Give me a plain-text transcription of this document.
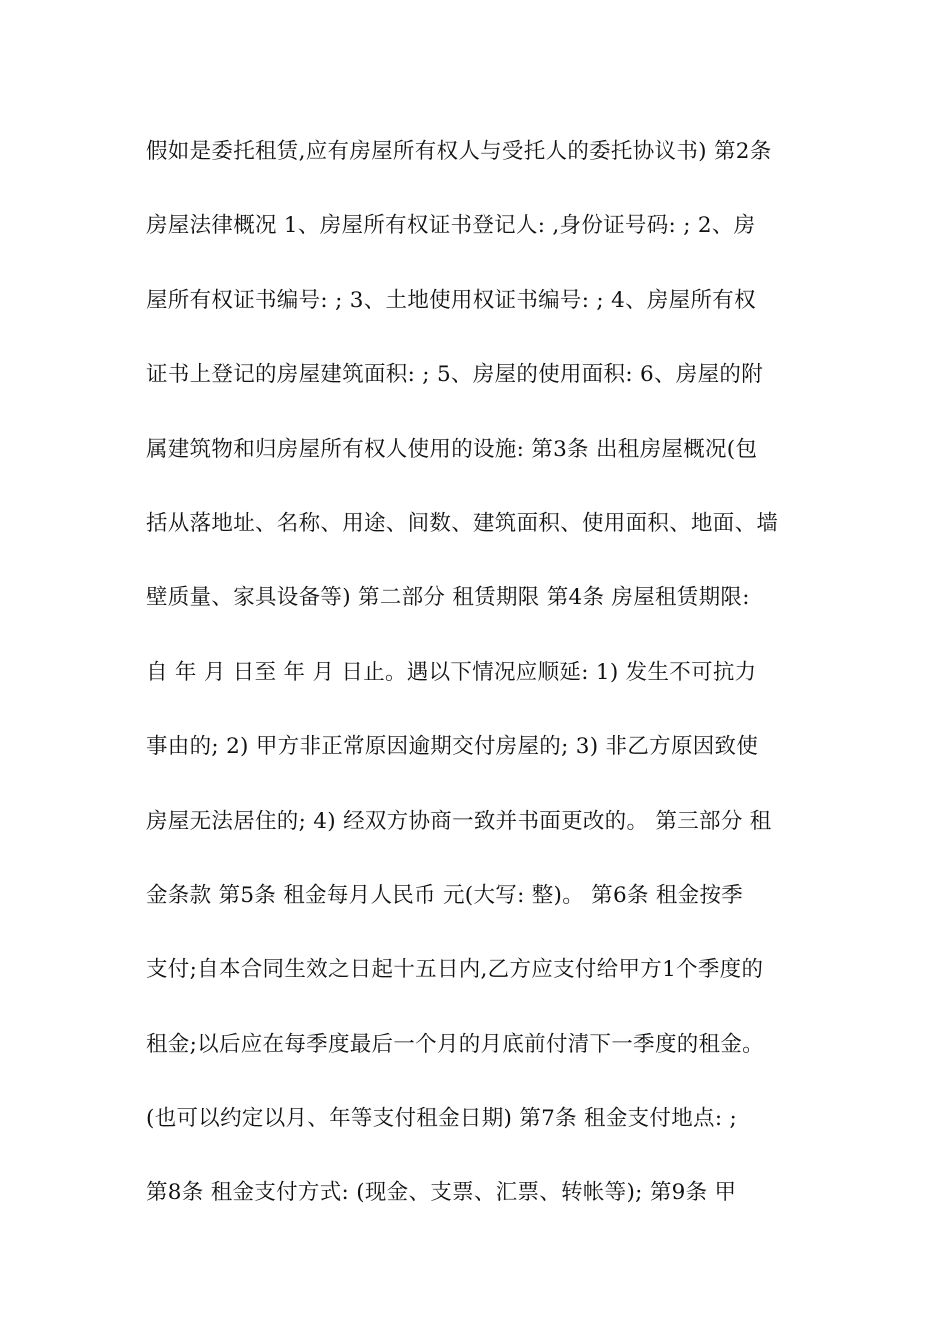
假如是委托租赁,应有房屋所有权人与受托人的委托协议书) 第2条
房屋法律概况 1、房屋所有权证书登记人: ,身份证号码: ; 2、房
屋所有权证书编号: ; 3、土地使用权证书编号: ; 4、房屋所有权
证书上登记的房屋建筑面积: ; 5、房屋的使用面积: 6、房屋的附
属建筑物和归房屋所有权人使用的设施: 第3条 出租房屋概况(包
括从落地址、名称、用途、间数、建筑面积、使用面积、地面、墙
壁质量、家具设备等) 第二部分 租赁期限 第4条 房屋租赁期限:
自 年 月 日至 年 月 日止。遇以下情况应顺延: 1) 发生不可抗力
事由的; 2) 甲方非正常原因逾期交付房屋的; 3) 非乙方原因致使
房屋无法居住的; 4) 经双方协商一致并书面更改的。 第三部分 租
金条款 第5条 租金每月人民币 元(大写: 整)。 第6条 租金按季
支付;自本合同生效之日起十五日内,乙方应支付给甲方1个季度的
租金;以后应在每季度最后一个月的月底前付清下一季度的租金。
(也可以约定以月、年等支付租金日期) 第7条 租金支付地点: ;
第8条 租金支付方式: (现金、支票、汇票、转帐等); 第9条 甲
